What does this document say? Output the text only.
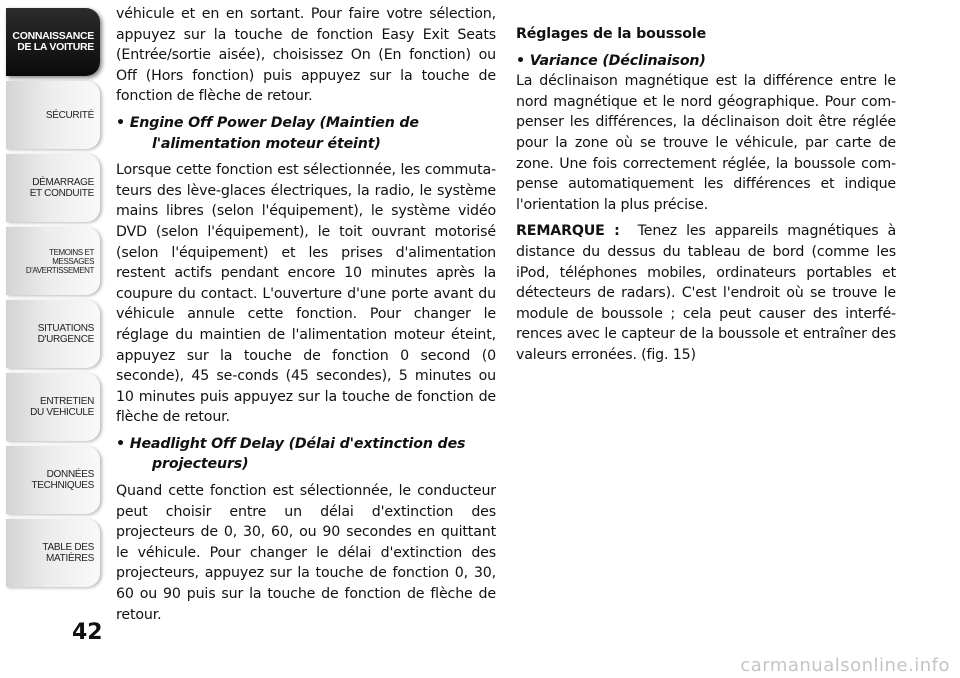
CONNAISSANCE
DE LA VOITURE
SÉCURITÉ
DÉMARRAGE
ET CONDUITE
TEMOINS ET
MESSAGES
D'AVERTISSEMENT
SITUATIONS
D'URGENCE
ENTRETIEN
DU VEHICULE
DONNÉES
TECHNIQUES
TABLE DES
MATIÈRES
42

véhicule et en en sortant. Pour faire votre sélection, appuyez sur la touche de fonction Easy Exit Seats (Entrée/sortie aisée), choisissez On (En fonction) ou Off (Hors fonction) puis appuyez sur la touche de fonction de flèche de retour.

• Engine Off Power Delay (Maintien de
l'alimentation moteur éteint)

Lorsque cette fonction est sélectionnée, les commuta-teurs des lève-glaces électriques, la radio, le système mains libres (selon l'équipement), le système vidéo DVD (selon l'équipement), le toit ouvrant motorisé (selon l'équipement) et les prises d'alimentation restent actifs pendant encore 10 minutes après la coupure du contact. L'ouverture d'une porte avant du véhicule annule cette fonction. Pour changer le réglage du maintien de l'alimentation moteur éteint, appuyez sur la touche de fonction 0 second (0 seconde), 45 se-conds (45 secondes), 5 minutes ou 10 minutes puis appuyez sur la touche de fonction de flèche de retour.

• Headlight Off Delay (Délai d'extinction des
projecteurs)

Quand cette fonction est sélectionnée, le conducteur peut choisir entre un délai d'extinction des projecteurs de 0, 30, 60, ou 90 secondes en quittant le véhicule. Pour changer le délai d'extinction des projecteurs, appuyez sur la touche de fonction 0, 30, 60 ou 90 puis sur la touche de fonction de flèche de retour.

Réglages de la boussole

• Variance (Déclinaison)

La déclinaison magnétique est la différence entre le nord magnétique et le nord géographique. Pour com-penser les différences, la déclinaison doit être réglée pour la zone où se trouve le véhicule, par carte de zone. Une fois correctement réglée, la boussole com-pense automatiquement les différences et indique l'orientation la plus précise.

REMARQUE : Tenez les appareils magnétiques à distance du dessus du tableau de bord (comme les iPod, téléphones mobiles, ordinateurs portables et détecteurs de radars). C'est l'endroit où se trouve le module de boussole ; cela peut causer des interfé-rences avec le capteur de la boussole et entraîner des valeurs erronées. (fig. 15)

carmanualsonline.info
